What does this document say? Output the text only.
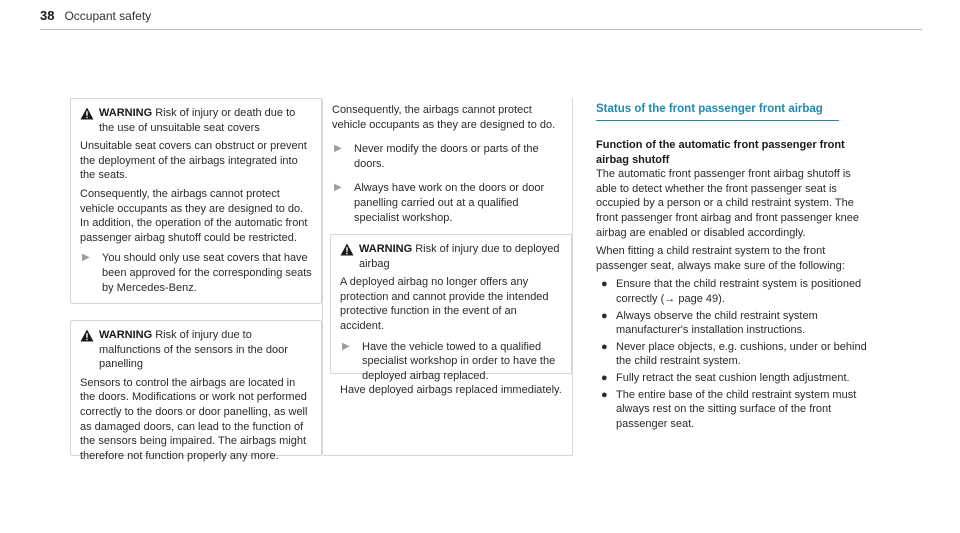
38 Occupant safety
WARNING Risk of injury or death due to the use of unsuitable seat covers

Unsuitable seat covers can obstruct or prevent the deployment of the airbags integrated into the seats.

Consequently, the airbags cannot protect vehicle occupants as they are designed to do. In addition, the operation of the automatic front passenger airbag shutoff could be restricted.

▶ You should only use seat covers that have been approved for the corresponding seats by Mercedes-Benz.
WARNING Risk of injury due to malfunctions of the sensors in the door panelling

Sensors to control the airbags are located in the doors. Modifications or work not performed correctly to the doors or door panelling, as well as damaged doors, can lead to the function of the sensors being impaired. The airbags might therefore not function properly any more.

Consequently, the airbags cannot protect vehicle occupants as they are designed to do.

▶ Never modify the doors or parts of the doors.
▶ Always have work on the doors or door panelling carried out at a qualified specialist workshop.
WARNING Risk of injury due to deployed airbag

A deployed airbag no longer offers any protection and cannot provide the intended protective function in the event of an accident.

▶ Have the vehicle towed to a qualified specialist workshop in order to have the deployed airbag replaced.

Have deployed airbags replaced immediately.

Status of the front passenger front airbag
Function of the automatic front passenger front airbag shutoff

The automatic front passenger front airbag shutoff is able to detect whether the front passenger seat is occupied by a person or a child restraint system. The front passenger front airbag and front passenger knee airbag are enabled or disabled accordingly.

When fitting a child restraint system to the front passenger seat, always make sure of the following:

● Ensure that the child restraint system is positioned correctly (→ page 49).
● Always observe the child restraint system manufacturer's installation instructions.
● Never place objects, e.g. cushions, under or behind the child restraint system.
● Fully retract the seat cushion length adjustment.
● The entire base of the child restraint system must always rest on the sitting surface of the front passenger seat.
